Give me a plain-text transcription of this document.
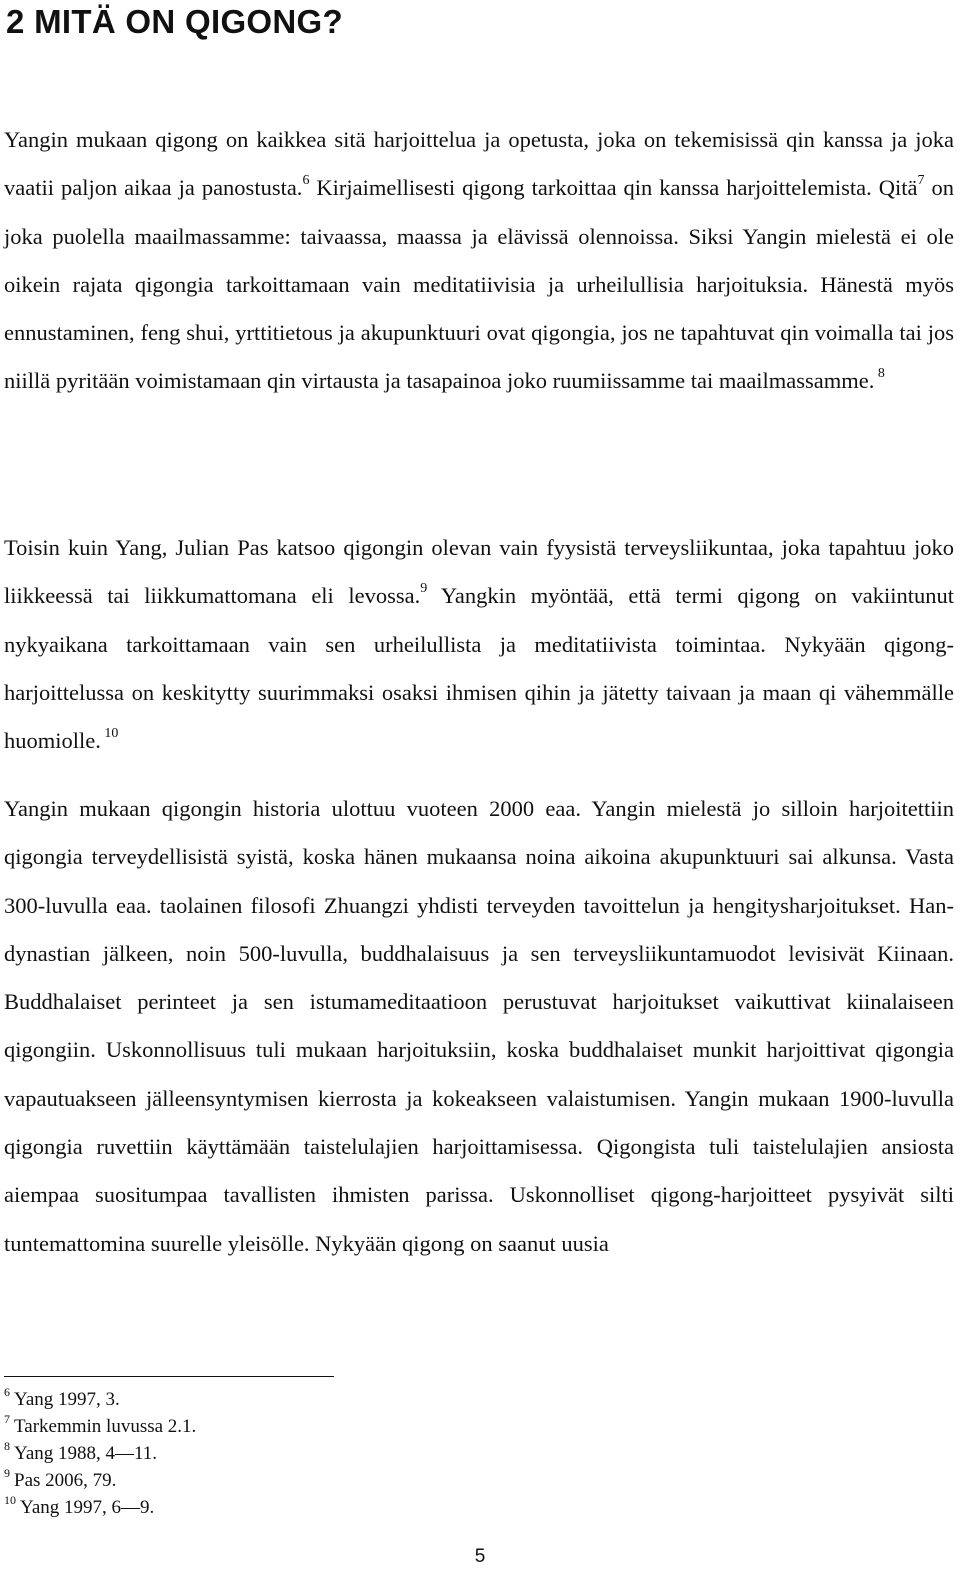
2 MITÄ ON QIGONG?

Yangin mukaan qigong on kaikkea sitä harjoittelua ja opetusta, joka on tekemisissä qin kanssa ja joka vaatii paljon aikaa ja panostusta.$^6$ Kirjaimellisesti qigong tarkoittaa qin kanssa harjoittelemista. Qitä$^7$ on joka puolella maailmassamme: taivaassa, maassa ja elävissä olennoissa. Siksi Yangin mielestä ei ole oikein rajata qigongia tarkoittamaan vain meditatiivisia ja urheilullisia harjoituksia. Hänestä myös ennustaminen, feng shui, yrttitietous ja akupunktuuri ovat qigongia, jos ne tapahtuvat qin voimalla tai jos niillä pyritään voimistamaan qin virtausta ja tasapainoa joko ruumiissamme tai maailmassamme. $^8$

Toisin kuin Yang, Julian Pas katsoo qigongin olevan vain fyysistä terveysliikuntaa, joka tapahtuu joko liikkeessä tai liikkumattomana eli levossa.$^9$ Yangkin myöntää, että termi qigong on vakiintunut nykyaikana tarkoittamaan vain sen urheilullista ja meditatiivista toimintaa. Nykyään qigong-harjoittelussa on keskitytty suurimmaksi osaksi ihmisen qihin ja jätetty taivaan ja maan qi vähemmälle huomiolle. $^{10}$

Yangin mukaan qigongin historia ulottuu vuoteen 2000 eaa. Yangin mielestä jo silloin harjoitettiin qigongia terveydellisistä syistä, koska hänen mukaansa noina aikoina akupunktuuri sai alkunsa. Vasta 300-luvulla eaa. taolainen filosofi Zhuangzi yhdisti terveyden tavoittelun ja hengitysharjoitukset. Han-dynastian jälkeen, noin 500-luvulla, buddhalaisuus ja sen terveysliikuntamuodot levisivät Kiinaan. Buddhalaiset perinteet ja sen istumameditaatioon perustuvat harjoitukset vaikuttivat kiinalaiseen qigongiin. Uskonnollisuus tuli mukaan harjoituksiin, koska buddhalaiset munkit harjoittivat qigongia vapautuakseen jälleensyntymisen kierrosta ja kokeakseen valaistumisen. Yangin mukaan 1900-luvulla qigongia ruvettiin käyttämään taistelulajien harjoittamisessa. Qigongista tuli taistelulajien ansiosta aiempaa suositumpaa tavallisten ihmisten parissa. Uskonnolliset qigong-harjoitteet pysyivät silti tuntemattomina suurelle yleisölle. Nykyään qigong on saanut uusia

$^6$ Yang 1997, 3.
$^7$ Tarkemmin luvussa 2.1.
$^8$ Yang 1988, 4―11.
$^9$ Pas 2006, 79.
$^{10}$ Yang 1997, 6―9.
5
